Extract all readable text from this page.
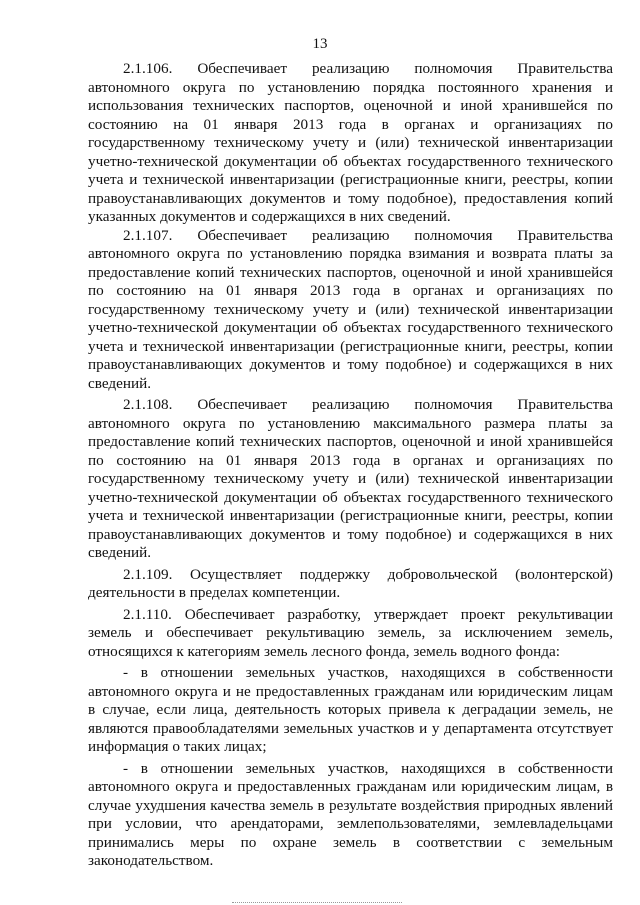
13

2.1.106. Обеспечивает реализацию полномочия Правительства автономного округа по установлению порядка постоянного хранения и использования технических паспортов, оценочной и иной хранившейся по состоянию на 01 января 2013 года в органах и организациях по государственному техническому учету и (или) технической инвентаризации учетно-технической документации об объектах государственного технического учета и технической инвентаризации (регистрационные книги, реестры, копии правоустанавливающих документов и тому подобное), предоставления копий указанных документов и содержащихся в них сведений.

2.1.107. Обеспечивает реализацию полномочия Правительства автономного округа по установлению порядка взимания и возврата платы за предоставление копий технических паспортов, оценочной и иной хранившейся по состоянию на 01 января 2013 года в органах и организациях по государственному техническому учету и (или) технической инвентаризации учетно-технической документации об объектах государственного технического учета и технической инвентаризации (регистрационные книги, реестры, копии правоустанавливающих документов и тому подобное) и содержащихся в них сведений.

2.1.108. Обеспечивает реализацию полномочия Правительства автономного округа по установлению максимального размера платы за предоставление копий технических паспортов, оценочной и иной хранившейся по состоянию на 01 января 2013 года в органах и организациях по государственному техническому учету и (или) технической инвентаризации учетно-технической документации об объектах государственного технического учета и технической инвентаризации (регистрационные книги, реестры, копии правоустанавливающих документов и тому подобное) и содержащихся в них сведений.

2.1.109. Осуществляет поддержку добровольческой (волонтерской) деятельности в пределах компетенции.

2.1.110. Обеспечивает разработку, утверждает проект рекультивации земель и обеспечивает рекультивацию земель, за исключением земель, относящихся к категориям земель лесного фонда, земель водного фонда:

- в отношении земельных участков, находящихся в собственности автономного округа и не предоставленных гражданам или юридическим лицам в случае, если лица, деятельность которых привела к деградации земель, не являются правообладателями земельных участков и у департамента отсутствует информация о таких лицах;

- в отношении земельных участков, находящихся в собственности автономного округа и предоставленных гражданам или юридическим лицам, в случае ухудшения качества земель в результате воздействия природных явлений при условии, что арендаторами, землепользователями, землевладельцами принимались меры по охране земель в соответствии с земельным законодательством.
